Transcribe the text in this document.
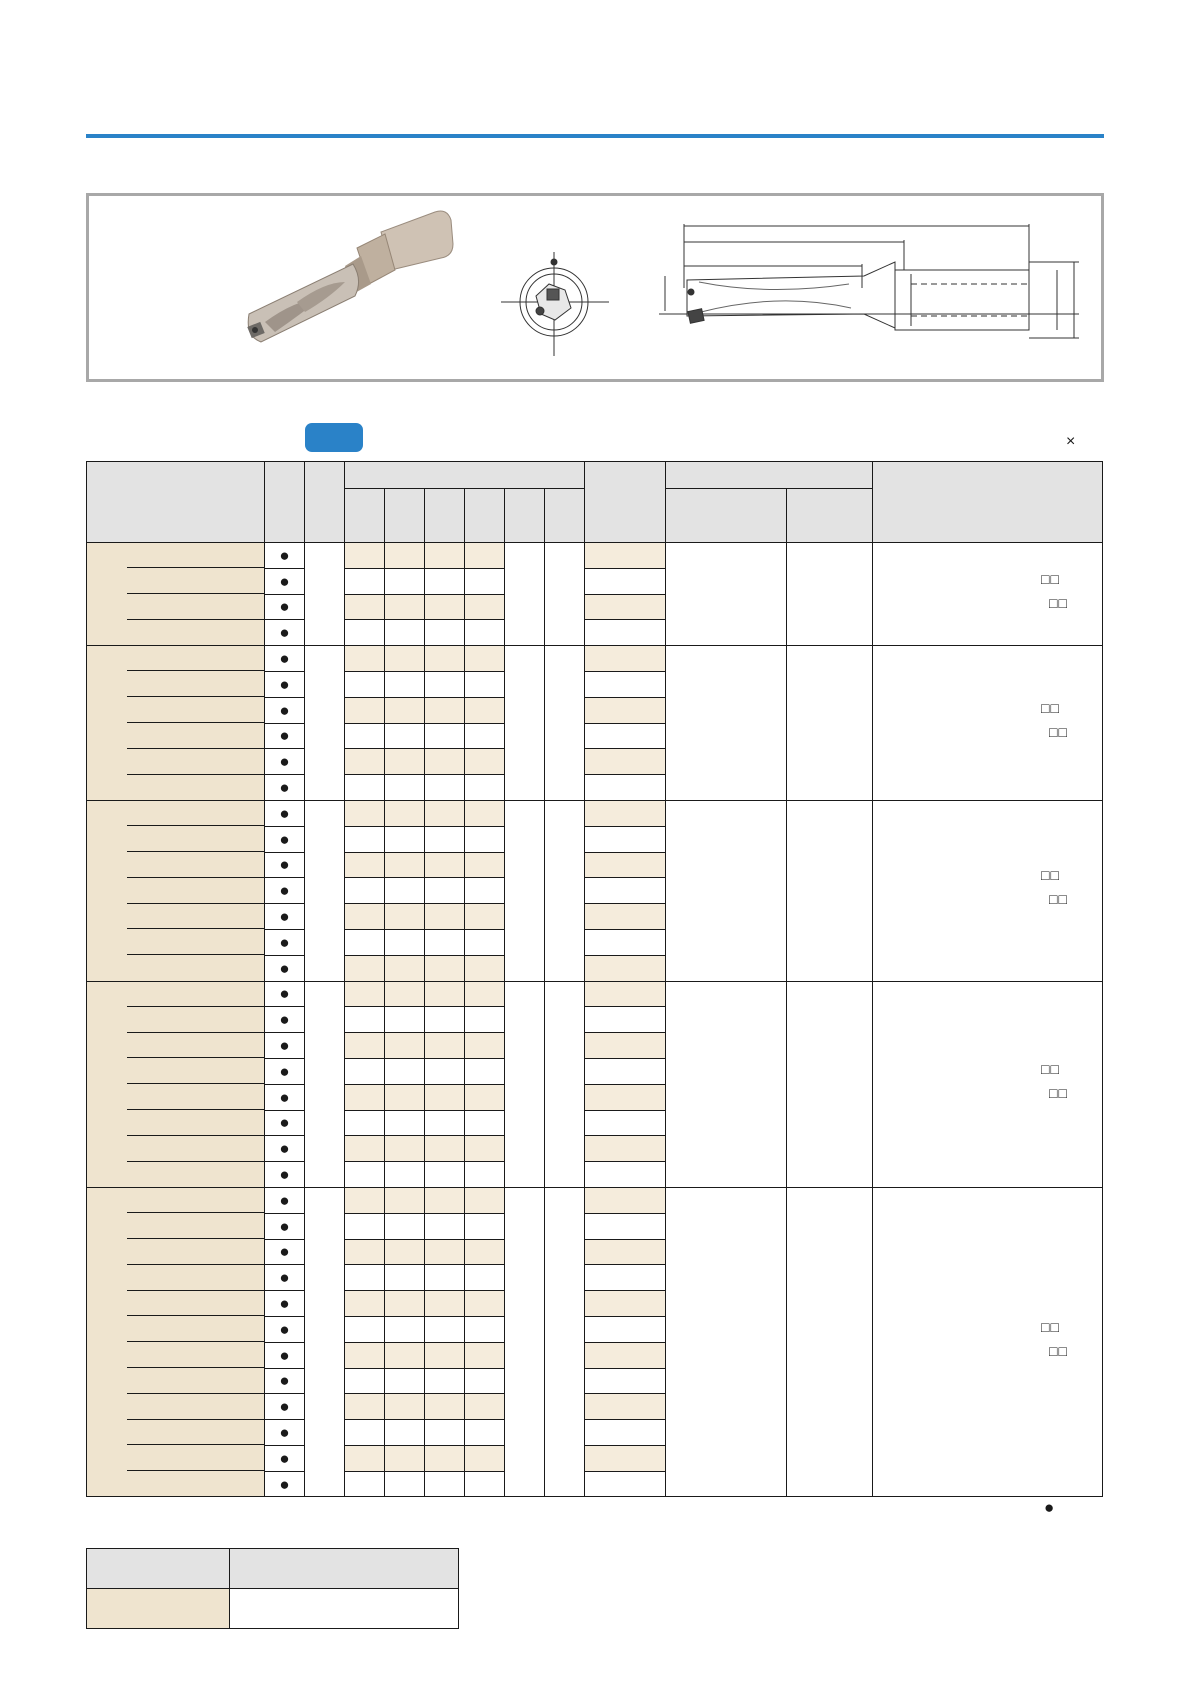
×

	●											□□
□□

	●											
	●											
	●											
	●											□□
□□

	●											
	●											
	●											
	●											
	●											
	●											□□
□□

	●											
	●											
	●											
	●											
	●											
	●											
	●											□□
□□

	●											
	●											
	●											
	●											
	●											
	●											
	●											
	●											□□
□□

	●											
	●											
	●											
	●											
	●											
	●											
	●											
	●											
	●											
	●											
	●											
●
